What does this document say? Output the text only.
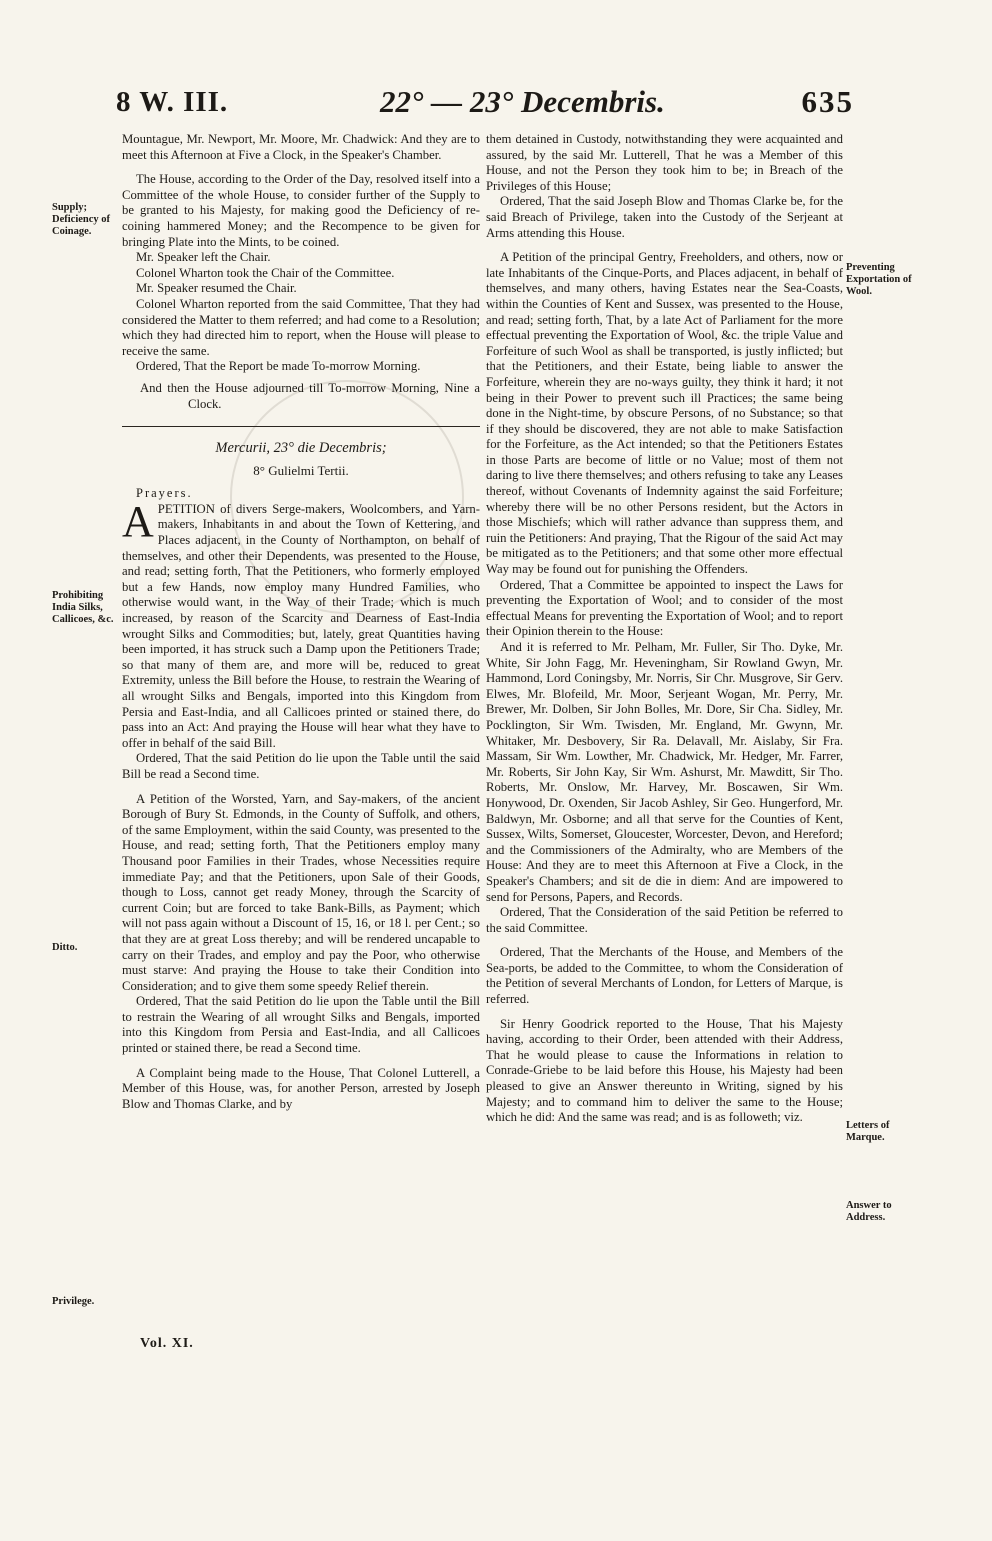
8 W. III.	22° — 23° Decembris.	635
Supply; Deficiency of Coinage.
Prohibiting India Silks, Callicoes, &c.
Ditto.
Privilege.
Preventing Exportation of Wool.
Letters of Marque.
Answer to Address.

Mountague, Mr. Newport, Mr. Moore, Mr. Chadwick: And they are to meet this Afternoon at Five a Clock, in the Speaker's Chamber.

The House, according to the Order of the Day, resolved itself into a Committee of the whole House, to consider further of the Supply to be granted to his Majesty, for making good the Deficiency of re-coining hammered Money; and the Recompence to be given for bringing Plate into the Mints, to be coined.

Mr. Speaker left the Chair.

Colonel Wharton took the Chair of the Committee.

Mr. Speaker resumed the Chair.

Colonel Wharton reported from the said Committee, That they had considered the Matter to them referred; and had come to a Resolution; which they had directed him to report, when the House will please to receive the same.

Ordered, That the Report be made To-morrow Morning.

And then the House adjourned till To-morrow Morning, Nine a Clock.

Mercurii, 23° die Decembris;
8° Gulielmi Tertii.
Prayers.

APETITION of divers Serge-makers, Woolcombers, and Yarn-makers, Inhabitants in and about the Town of Kettering, and Places adjacent, in the County of Northampton, on behalf of themselves, and other their Dependents, was presented to the House, and read; setting forth, That the Petitioners, who formerly employed but a few Hands, now employ many Hundred Families, who otherwise would want, in the Way of their Trade; which is much increased, by reason of the Scarcity and Dearness of East-India wrought Silks and Commodities; but, lately, great Quantities having been imported, it has struck such a Damp upon the Petitioners Trade; so that many of them are, and more will be, reduced to great Extremity, unless the Bill before the House, to restrain the Wearing of all wrought Silks and Bengals, imported into this Kingdom from Persia and East-India, and all Callicoes printed or stained there, do pass into an Act: And praying the House will hear what they have to offer in behalf of the said Bill.

Ordered, That the said Petition do lie upon the Table until the said Bill be read a Second time.

A Petition of the Worsted, Yarn, and Say-makers, of the ancient Borough of Bury St. Edmonds, in the County of Suffolk, and others, of the same Employment, within the said County, was presented to the House, and read; setting forth, That the Petitioners employ many Thousand poor Families in their Trades, whose Necessities require immediate Pay; and that the Petitioners, upon Sale of their Goods, though to Loss, cannot get ready Money, through the Scarcity of current Coin; but are forced to take Bank-Bills, as Payment; which will not pass again without a Discount of 15, 16, or 18 l. per Cent.; so that they are at great Loss thereby; and will be rendered uncapable to carry on their Trades, and employ and pay the Poor, who otherwise must starve: And praying the House to take their Condition into Consideration; and to give them some speedy Relief therein.

Ordered, That the said Petition do lie upon the Table until the Bill to restrain the Wearing of all wrought Silks and Bengals, imported into this Kingdom from Persia and East-India, and all Callicoes printed or stained there, be read a Second time.

A Complaint being made to the House, That Colonel Lutterell, a Member of this House, was, for another Person, arrested by Joseph Blow and Thomas Clarke, and by

them detained in Custody, notwithstanding they were acquainted and assured, by the said Mr. Lutterell, That he was a Member of this House, and not the Person they took him to be; in Breach of the Privileges of this House;

Ordered, That the said Joseph Blow and Thomas Clarke be, for the said Breach of Privilege, taken into the Custody of the Serjeant at Arms attending this House.

A Petition of the principal Gentry, Freeholders, and others, now or late Inhabitants of the Cinque-Ports, and Places adjacent, in behalf of themselves, and many others, having Estates near the Sea-Coasts, within the Counties of Kent and Sussex, was presented to the House, and read; setting forth, That, by a late Act of Parliament for the more effectual preventing the Exportation of Wool, &c. the triple Value and Forfeiture of such Wool as shall be transported, is justly inflicted; but that the Petitioners, and their Estate, being liable to answer the Forfeiture, wherein they are no-ways guilty, they think it hard; it not being in their Power to prevent such ill Practices; the same being done in the Night-time, by obscure Persons, of no Substance; so that if they should be discovered, they are not able to make Satisfaction for the Forfeiture, as the Act intended; so that the Petitioners Estates in those Parts are become of little or no Value; most of them not daring to live there themselves; and others refusing to take any Leases thereof, without Covenants of Indemnity against the said Forfeiture; whereby there will be no other Persons resident, but the Actors in those Mischiefs; which will rather advance than suppress them, and ruin the Petitioners: And praying, That the Rigour of the said Act may be mitigated as to the Petitioners; and that some other more effectual Way may be found out for punishing the Offenders.

Ordered, That a Committee be appointed to inspect the Laws for preventing the Exportation of Wool; and to consider of the most effectual Means for preventing the Exportation of Wool; and to report their Opinion therein to the House:

And it is referred to Mr. Pelham, Mr. Fuller, Sir Tho. Dyke, Mr. White, Sir John Fagg, Mr. Heveningham, Sir Rowland Gwyn, Mr. Hammond, Lord Coningsby, Mr. Norris, Sir Chr. Musgrove, Sir Gerv. Elwes, Mr. Blofeild, Mr. Moor, Serjeant Wogan, Mr. Perry, Mr. Brewer, Mr. Dolben, Sir John Bolles, Mr. Dore, Sir Cha. Sidley, Mr. Pocklington, Sir Wm. Twisden, Mr. England, Mr. Gwynn, Mr. Whitaker, Mr. Desbovery, Sir Ra. Delavall, Mr. Aislaby, Sir Fra. Massam, Sir Wm. Lowther, Mr. Chadwick, Mr. Hedger, Mr. Farrer, Mr. Roberts, Sir John Kay, Sir Wm. Ashurst, Mr. Mawditt, Sir Tho. Roberts, Mr. Onslow, Mr. Harvey, Mr. Boscawen, Sir Wm. Honywood, Dr. Oxenden, Sir Jacob Ashley, Sir Geo. Hungerford, Mr. Baldwyn, Mr. Osborne; and all that serve for the Counties of Kent, Sussex, Wilts, Somerset, Gloucester, Worcester, Devon, and Hereford; and the Commissioners of the Admiralty, who are Members of the House: And they are to meet this Afternoon at Five a Clock, in the Speaker's Chambers; and sit de die in diem: And are impowered to send for Persons, Papers, and Records.

Ordered, That the Consideration of the said Petition be referred to the said Committee.

Ordered, That the Merchants of the House, and Members of the Sea-ports, be added to the Committee, to whom the Consideration of the Petition of several Merchants of London, for Letters of Marque, is referred.

Sir Henry Goodrick reported to the House, That his Majesty having, according to their Order, been attended with their Address, That he would please to cause the Informations in relation to Conrade-Griebe to be laid before this House, his Majesty had been pleased to give an Answer thereunto in Writing, signed by his Majesty; and to command him to deliver the same to the House; which he did: And the same was read; and is as followeth; viz.

Vol. XI.
